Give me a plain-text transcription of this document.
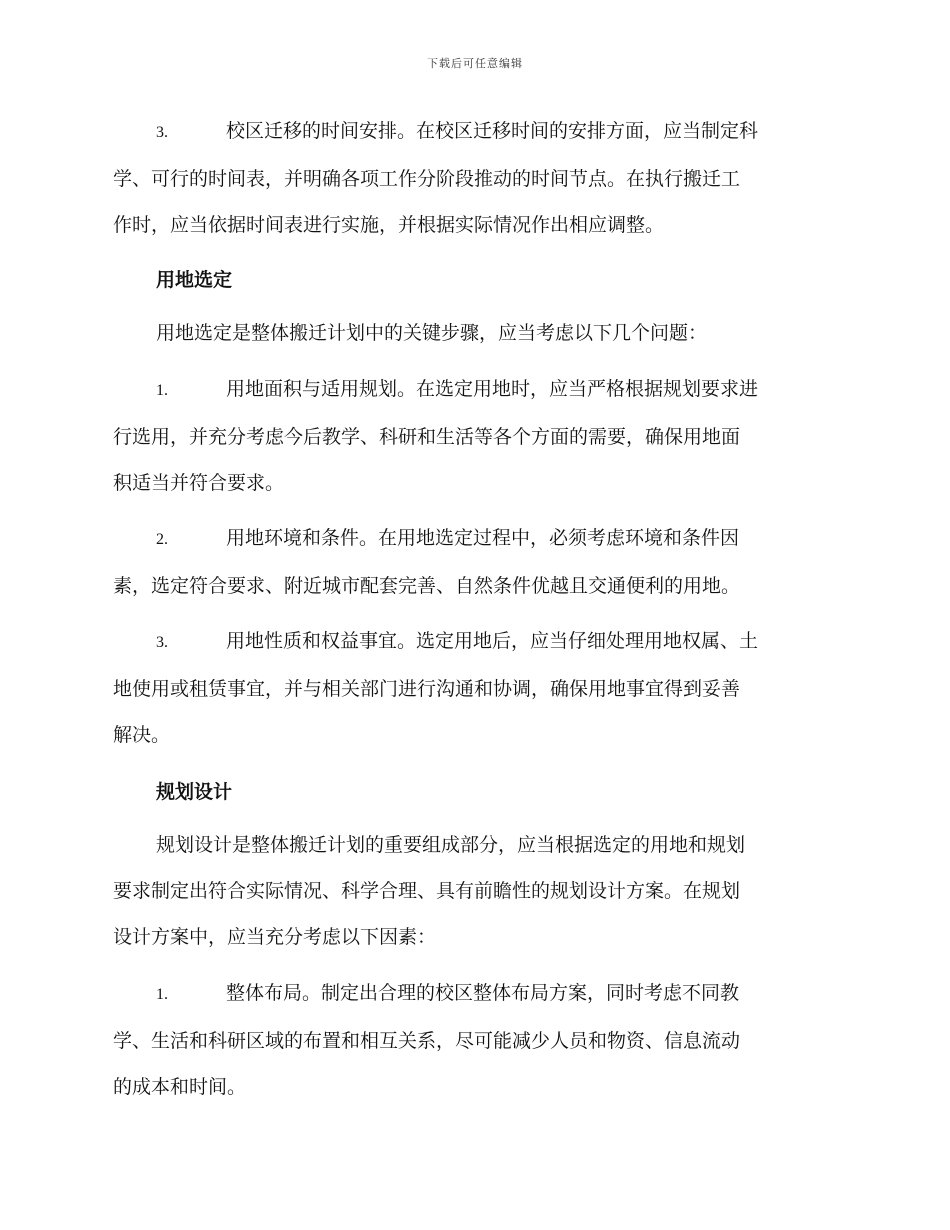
下载后可任意编辑
3.	校区迁移的时间安排。在校区迁移时间的安排方面，应当制定科
学、可行的时间表，并明确各项工作分阶段推动的时间节点。在执行搬迁工
作时，应当依据时间表进行实施，并根据实际情况作出相应调整。
用地选定
用地选定是整体搬迁计划中的关键步骤，应当考虑以下几个问题：
1.	用地面积与适用规划。在选定用地时，应当严格根据规划要求进
行选用，并充分考虑今后教学、科研和生活等各个方面的需要，确保用地面
积适当并符合要求。
2.	用地环境和条件。在用地选定过程中，必须考虑环境和条件因
素，选定符合要求、附近城市配套完善、自然条件优越且交通便利的用地。
3.	用地性质和权益事宜。选定用地后，应当仔细处理用地权属、土
地使用或租赁事宜，并与相关部门进行沟通和协调，确保用地事宜得到妥善
解决。
规划设计
规划设计是整体搬迁计划的重要组成部分，应当根据选定的用地和规划
要求制定出符合实际情况、科学合理、具有前瞻性的规划设计方案。在规划
设计方案中，应当充分考虑以下因素：
1.	整体布局。制定出合理的校区整体布局方案，同时考虑不同教
学、生活和科研区域的布置和相互关系，尽可能减少人员和物资、信息流动
的成本和时间。
